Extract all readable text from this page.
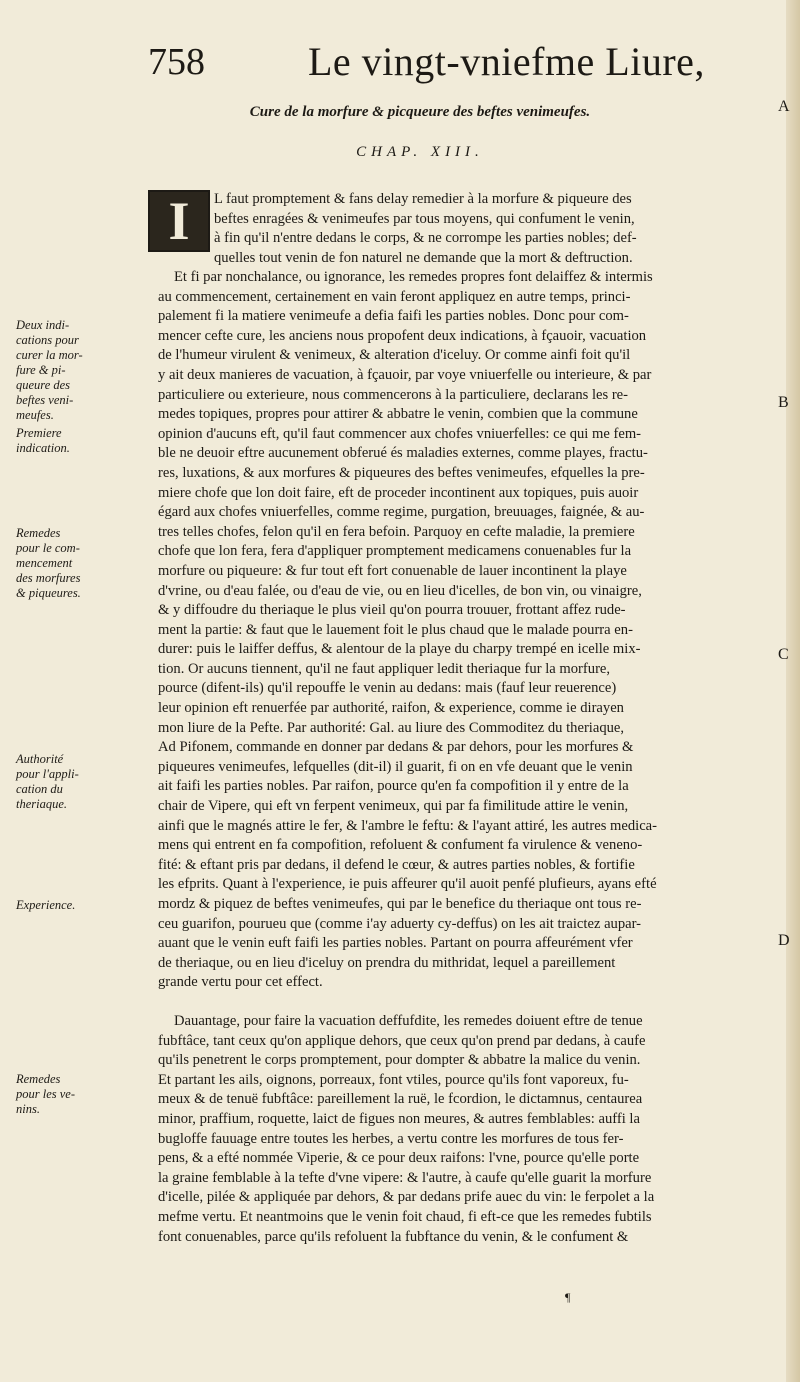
758	Le vingt-vniefme Liure,
Cure de la morfure & picqueure des beftes venimeufes.
CHAP. XIII.
I L faut promptement & fans delay remedier à la morfure & piqueure des
beftes enragées & venimeufes par tous moyens, qui confument le venin,
à fin qu'il n'entre dedans le corps, & ne corrompe les parties nobles; def-
quelles tout venin de fon naturel ne demande que la mort & deftruction.
Et fi par nonchalance, ou ignorance, les remedes propres font delaiffez & intermis
au commencement, certainement en vain feront appliquez en autre temps, princi-
palement fi la matiere venimeufe a defia faifi les parties nobles. Donc pour com-
mencer cefte cure, les anciens nous propofent deux indications, à fçauoir, vacuation
de l'humeur virulent & venimeux, & alteration d'iceluy. Or comme ainfi foit qu'il
y ait deux manieres de vacuation, à fçauoir, par voye vniuerfelle ou interieure, & par
particuliere ou exterieure, nous commencerons à la particuliere, declarans les re-
medes topiques, propres pour attirer & abbatre le venin, combien que la commune
opinion d'aucuns eft, qu'il faut commencer aux chofes vniuerfelles: ce qui me fem-
ble ne deuoir eftre aucunement obferué és maladies externes, comme playes, fractu-
res, luxations, & aux morfures & piqueures des beftes venimeufes, efquelles la pre-
miere chofe que lon doit faire, eft de proceder incontinent aux topiques, puis auoir
égard aux chofes vniuerfelles, comme regime, purgation, breuuages, faignée, & au-
tres telles chofes, felon qu'il en fera befoin. Parquoy en cefte maladie, la premiere
chofe que lon fera, fera d'appliquer promptement medicamens conuenables fur la
morfure ou piqueure: & fur tout eft fort conuenable de lauer incontinent la playe
d'vrine, ou d'eau falée, ou d'eau de vie, ou en lieu d'icelles, de bon vin, ou vinaigre,
& y diffoudre du theriaque le plus vieil qu'on pourra trouuer, frottant affez rude-
ment la partie: & faut que le lauement foit le plus chaud que le malade pourra en-
durer: puis le laiffer deffus, & alentour de la playe du charpy trempé en icelle mix-
tion. Or aucuns tiennent, qu'il ne faut appliquer ledit theriaque fur la morfure,
pource (difent-ils) qu'il repouffe le venin au dedans: mais (fauf leur reuerence)
leur opinion eft renuerfée par authorité, raifon, & experience, comme ie dirayen
mon liure de la Pefte. Par authorité: Gal. au liure des Commoditez du theriaque,
Ad Pifonem, commande en donner par dedans & par dehors, pour les morfures &
piqueures venimeufes, lefquelles (dit-il) il guarit, fi on en vfe deuant que le venin
ait faifi les parties nobles. Par raifon, pource qu'en fa compofition il y entre de la
chair de Vipere, qui eft vn ferpent venimeux, qui par fa fimilitude attire le venin,
ainfi que le magnés attire le fer, & l'ambre le feftu: & l'ayant attiré, les autres medica-
mens qui entrent en fa compofition, refoluent & confument fa virulence & veneno-
fité: & eftant pris par dedans, il defend le cœur, & autres parties nobles, & fortifie
les efprits. Quant à l'experience, ie puis affeurer qu'il auoit penfé plufieurs, ayans efté
mordz & piquez de beftes venimeufes, qui par le benefice du theriaque ont tous re-
ceu guarifon, pourueu que (comme i'ay aduerty cy-deffus) on les ait traictez aupar-
auant que le venin euft faifi les parties nobles. Partant on pourra affeurément vfer
de theriaque, ou en lieu d'iceluy on prendra du mithridat, lequel a pareillement
grande vertu pour cet effect.
Dauantage, pour faire la vacuation deffufdite, les remedes doiuent eftre de tenue
fubftâce, tant ceux qu'on applique dehors, que ceux qu'on prend par dedans, à caufe
qu'ils penetrent le corps promptement, pour dompter & abbatre la malice du venin.
Et partant les ails, oignons, porreaux, font vtiles, pource qu'ils font vaporeux, fu-
meux & de tenuë fubftâce: pareillement la ruë, le fcordion, le dictamnus, centaurea
minor, praffium, roquette, laict de figues non meures, & autres femblables: auffi la
bugloffe fauuage entre toutes les herbes, a vertu contre les morfures de tous fer-
pens, & a efté nommée Viperie, & ce pour deux raifons: l'vne, pource qu'elle porte
la graine femblable à la tefte d'vne vipere: & l'autre, à caufe qu'elle guarit la morfure
d'icelle, pilée & appliquée par dehors, & par dedans prife auec du vin: le ferpolet a la
mefme vertu. Et neantmoins que le venin foit chaud, fi eft-ce que les remedes fubtils
font conuenables, parce qu'ils refoluent la fubftance du venin, & le confument &
Deux indi-
cations pour
curer la mor-
fure & pi-
queure des
beftes veni-
meufes.
Premiere
indication.
Remedes
pour le com-
mencement
des morfures
& piqueures.
Authorité
pour l'appli-
cation du
theriaque.
Experience.
Remedes
pour les ve-
nins.
A
B
C
D
¶
